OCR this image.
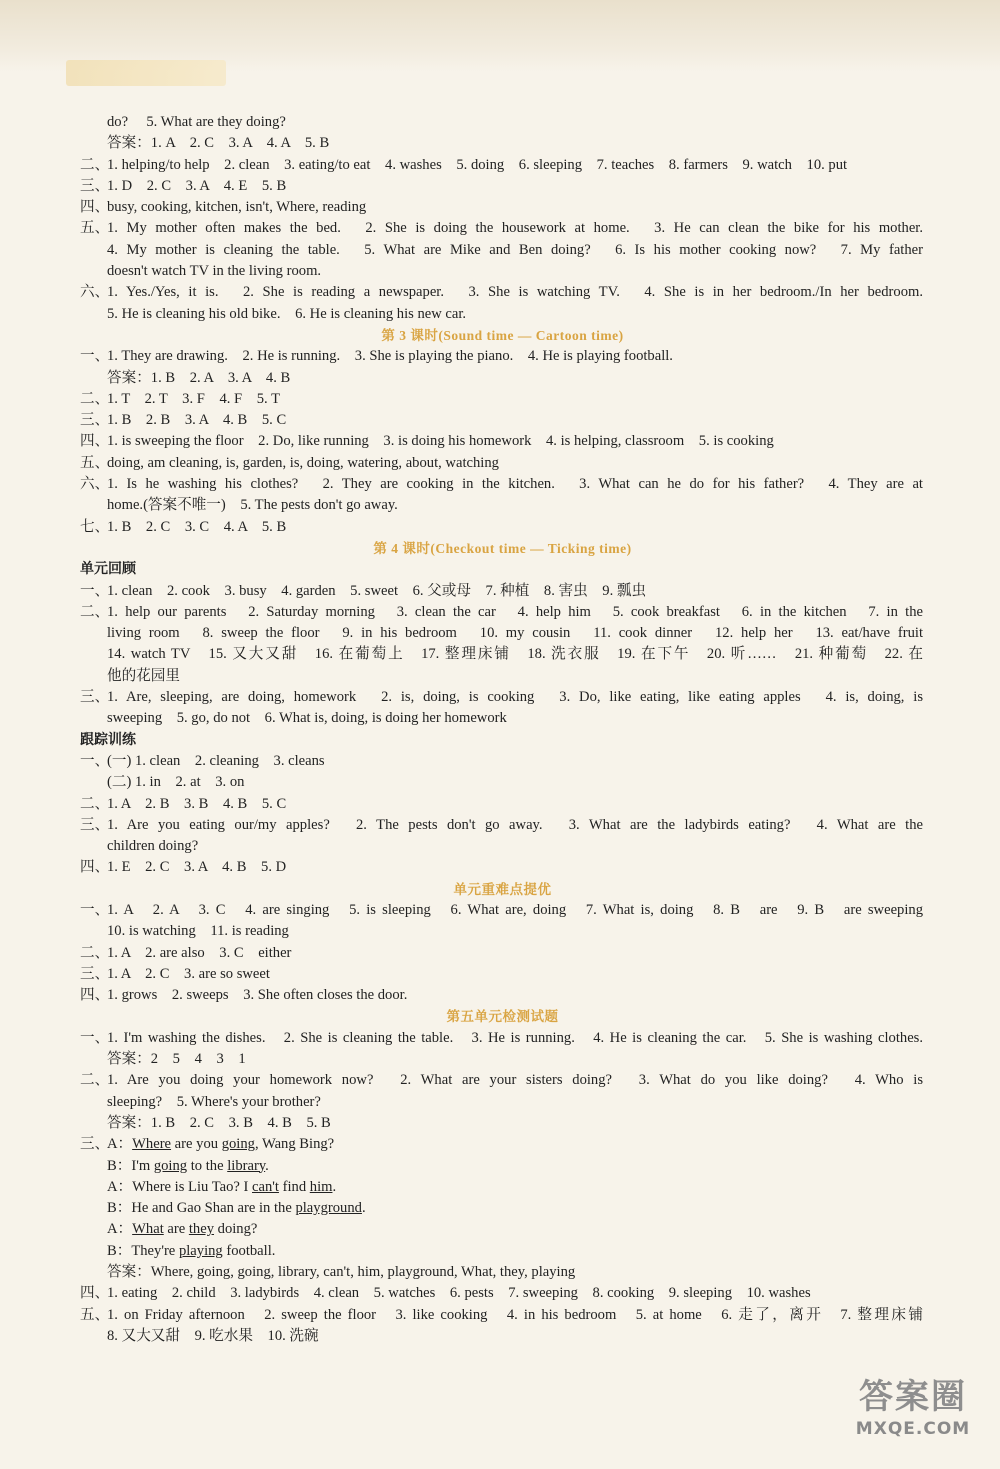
do?　 5. What are they doing?
答案：1. A　2. C　3. A　4. A　5. B
二、1. helping/to help　2. clean　3. eating/to eat　4. washes　5. doing　6. sleeping　7. teaches　8. farmers　9. watch　10. put
三、1. D　2. C　3. A　4. E　5. B
四、busy, cooking, kitchen, isn't, Where, reading
五、1. My mother often makes the bed.　2. She is doing the housework at home.　3. He can clean the bike for his mother.
4. My mother is cleaning the table.　5. What are Mike and Ben doing?　6. Is his mother cooking now?　7. My father
doesn't watch TV in the living room.
六、1. Yes./Yes, it is.　2. She is reading a newspaper.　3. She is watching TV.　4. She is in her bedroom./In her bedroom.
5. He is cleaning his old bike.　6. He is cleaning his new car.
第 3 课时(Sound time — Cartoon time)
一、1. They are drawing.　2. He is running.　3. She is playing the piano.　4. He is playing football.
答案：1. B　2. A　3. A　4. B
二、1. T　2. T　3. F　4. F　5. T
三、1. B　2. B　3. A　4. B　5. C
四、1. is sweeping the floor　2. Do, like running　3. is doing his homework　4. is helping, classroom　5. is cooking
五、doing, am cleaning, is, garden, is, doing, watering, about, watching
六、1. Is he washing his clothes?　2. They are cooking in the kitchen.　3. What can he do for his father?　4. They are at
home.(答案不唯一)　5. The pests don't go away.
七、1. B　2. C　3. C　4. A　5. B
第 4 课时(Checkout time — Ticking time)
单元回顾
一、1. clean　2. cook　3. busy　4. garden　5. sweet　6. 父或母　7. 种植　8. 害虫　9. 瓢虫
二、1. help our parents　2. Saturday morning　3. clean the car　4. help him　5. cook breakfast　6. in the kitchen　7. in the
living room　8. sweep the floor　9. in his bedroom　10. my cousin　11. cook dinner　12. help her　13. eat/have fruit
14. watch TV　15. 又大又甜　16. 在葡萄上　17. 整理床铺　18. 洗衣服　19. 在下午　20. 听……　21. 种葡萄　22. 在
他的花园里
三、1. Are, sleeping, are doing, homework　2. is, doing, is cooking　3. Do, like eating, like eating apples　4. is, doing, is
sweeping　5. go, do not　6. What is, doing, is doing her homework
跟踪训练
一、(一) 1. clean　2. cleaning　3. cleans
(二) 1. in　2. at　3. on
二、1. A　2. B　3. B　4. B　5. C
三、1. Are you eating our/my apples?　2. The pests don't go away.　3. What are the ladybirds eating?　4. What are the
children doing?
四、1. E　2. C　3. A　4. B　5. D
单元重难点提优
一、1. A　2. A　3. C　4. are singing　5. is sleeping　6. What are, doing　7. What is, doing　8. B　are　9. B　are sweeping
10. is watching　11. is reading
二、1. A　2. are also　3. C　either
三、1. A　2. C　3. are so sweet
四、1. grows　2. sweeps　3. She often closes the door.
第五单元检测试题
一、1. I'm washing the dishes.　2. She is cleaning the table.　3. He is running.　4. He is cleaning the car.　5. She is washing clothes.
答案：2　5　4　3　1
二、1. Are you doing your homework now?　2. What are your sisters doing?　3. What do you like doing?　4. Who is
sleeping?　5. Where's your brother?
答案：1. B　2. C　3. B　4. B　5. B
三、A：Where are you going, Wang Bing?
B：I'm going to the library.
A：Where is Liu Tao? I can't find him.
B：He and Gao Shan are in the playground.
A：What are they doing?
B：They're playing football.
答案：Where, going, going, library, can't, him, playground, What, they, playing
四、1. eating　2. child　3. ladybirds　4. clean　5. watches　6. pests　7. sweeping　8. cooking　9. sleeping　10. washes
五、1. on Friday afternoon　2. sweep the floor　3. like cooking　4. in his bedroom　5. at home　6. 走了，离开　7. 整理床铺
8. 又大又甜　9. 吃水果　10. 洗碗
答案圈
MXQE.COM
